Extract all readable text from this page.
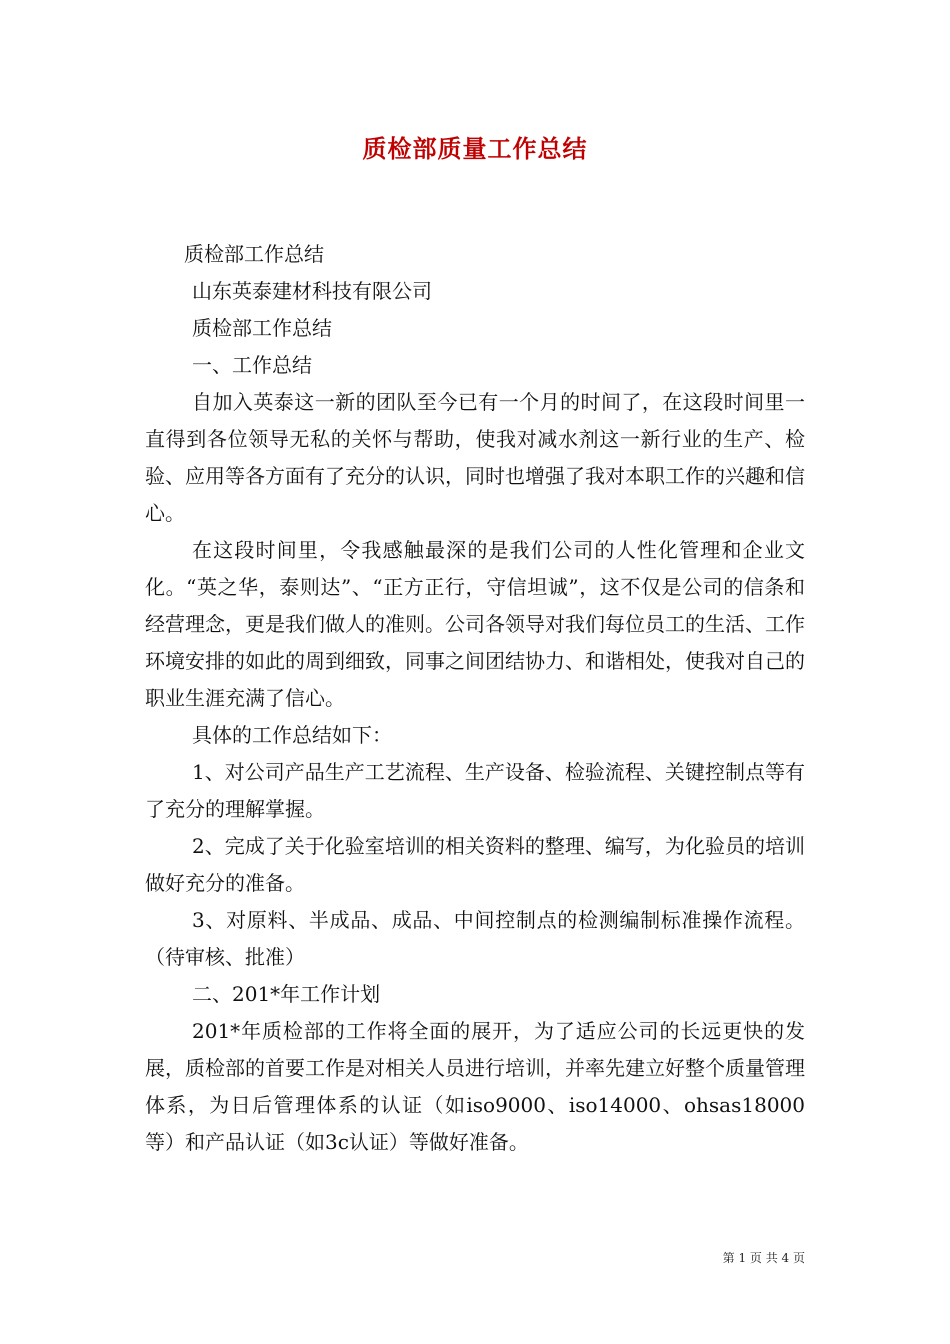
质检部质量工作总结

质检部工作总结

山东英泰建材科技有限公司

质检部工作总结

一、工作总结

自加入英泰这一新的团队至今已有一个月的时间了，在这段时间里一直得到各位领导无私的关怀与帮助，使我对减水剂这一新行业的生产、检验、应用等各方面有了充分的认识，同时也增强了我对本职工作的兴趣和信心。

在这段时间里，令我感触最深的是我们公司的人性化管理和企业文化。“英之华，泰则达”、“正方正行，守信坦诚”，这不仅是公司的信条和经营理念，更是我们做人的准则。公司各领导对我们每位员工的生活、工作环境安排的如此的周到细致，同事之间团结协力、和谐相处，使我对自己的职业生涯充满了信心。

具体的工作总结如下：

1、对公司产品生产工艺流程、生产设备、检验流程、关键控制点等有了充分的理解掌握。

2、完成了关于化验室培训的相关资料的整理、编写，为化验员的培训做好充分的准备。

3、对原料、半成品、成品、中间控制点的检测编制标准操作流程。（待审核、批准）

二、201*年工作计划

201*年质检部的工作将全面的展开，为了适应公司的长远更快的发展，质检部的首要工作是对相关人员进行培训，并率先建立好整个质量管理体系，为日后管理体系的认证（如iso9000、iso14000、ohsas18000等）和产品认证（如3c认证）等做好准备。

第 1 页 共 4 页
